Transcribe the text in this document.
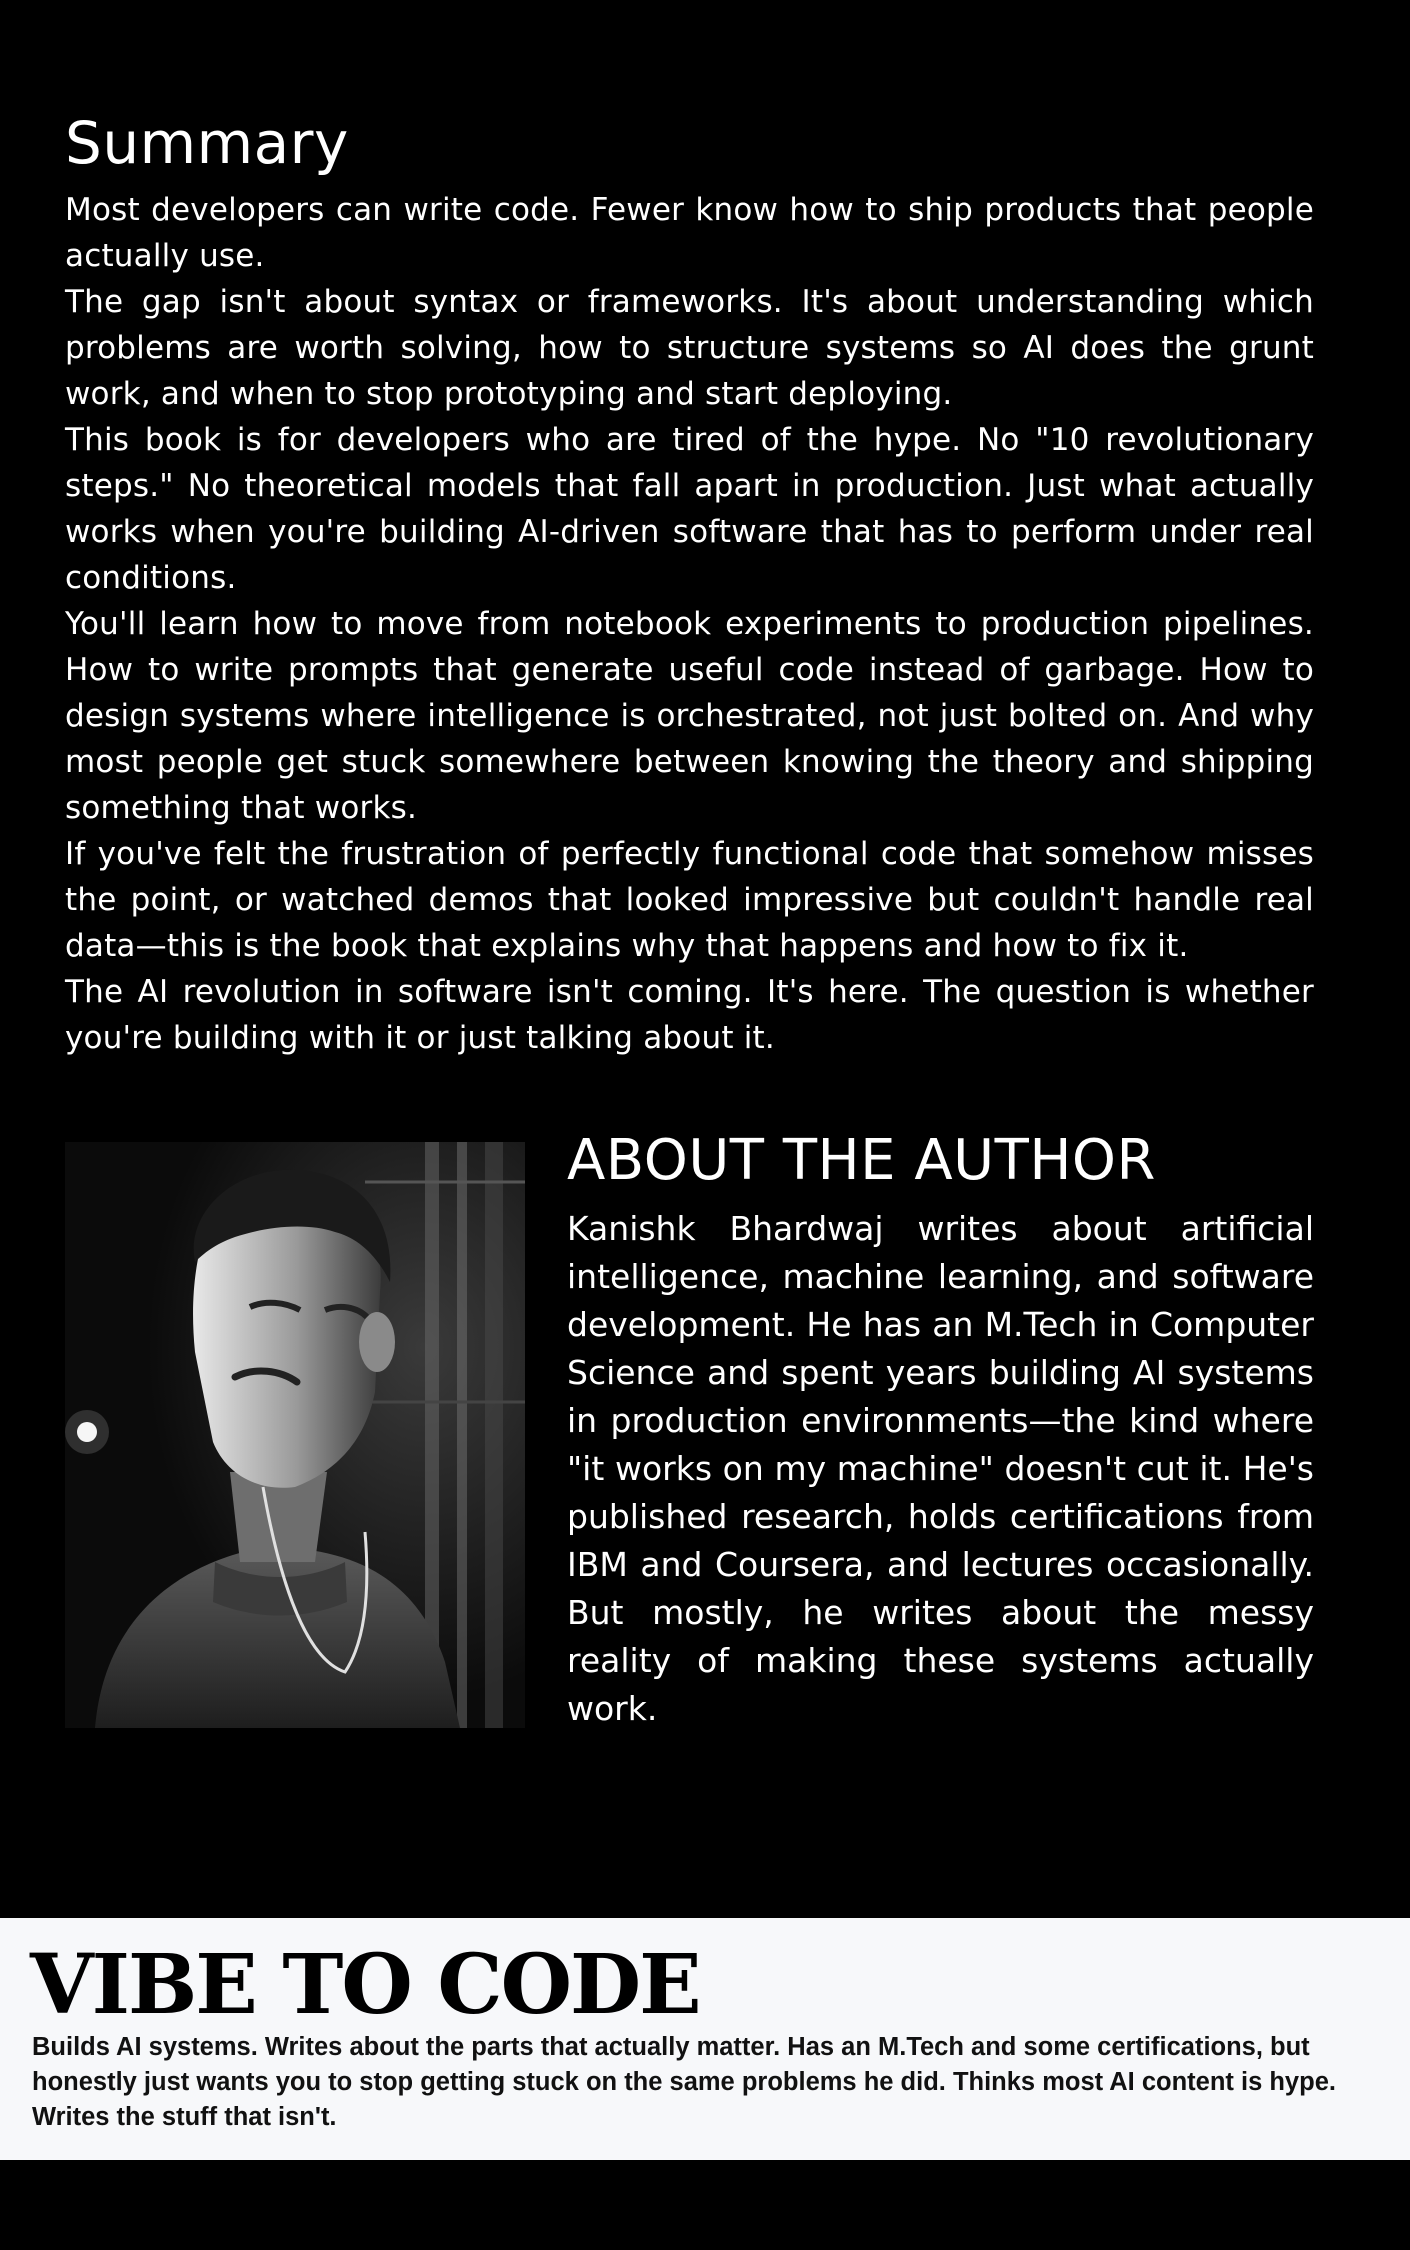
Summary

Most developers can write code. Fewer know how to ship products that people actually use.

The gap isn't about syntax or frameworks. It's about understanding which problems are worth solving, how to structure systems so AI does the grunt work, and when to stop prototyping and start deploying.

This book is for developers who are tired of the hype. No "10 revolutionary steps." No theoretical models that fall apart in production. Just what actually works when you're building AI-driven software that has to perform under real conditions.

You'll learn how to move from notebook experiments to production pipelines. How to write prompts that generate useful code instead of garbage. How to design systems where intelligence is orchestrated, not just bolted on. And why most people get stuck somewhere between knowing the theory and shipping something that works.

If you've felt the frustration of perfectly functional code that somehow misses the point, or watched demos that looked impressive but couldn't handle real data—this is the book that explains why that happens and how to fix it.

The AI revolution in software isn't coming. It's here. The question is whether you're building with it or just talking about it.

ABOUT THE AUTHOR

Kanishk Bhardwaj writes about artificial intelligence, machine learning, and software development. He has an M.Tech in Computer Science and spent years building AI systems in production environments—the kind where "it works on my machine" doesn't cut it. He's published research, holds certifications from IBM and Coursera, and lectures occasionally. But mostly, he writes about the messy reality of making these systems actually work.

VIBE TO CODE

Builds AI systems. Writes about the parts that actually matter. Has an M.Tech and some certifications, but honestly just wants you to stop getting stuck on the same problems he did. Thinks most AI content is hype. Writes the stuff that isn't.
